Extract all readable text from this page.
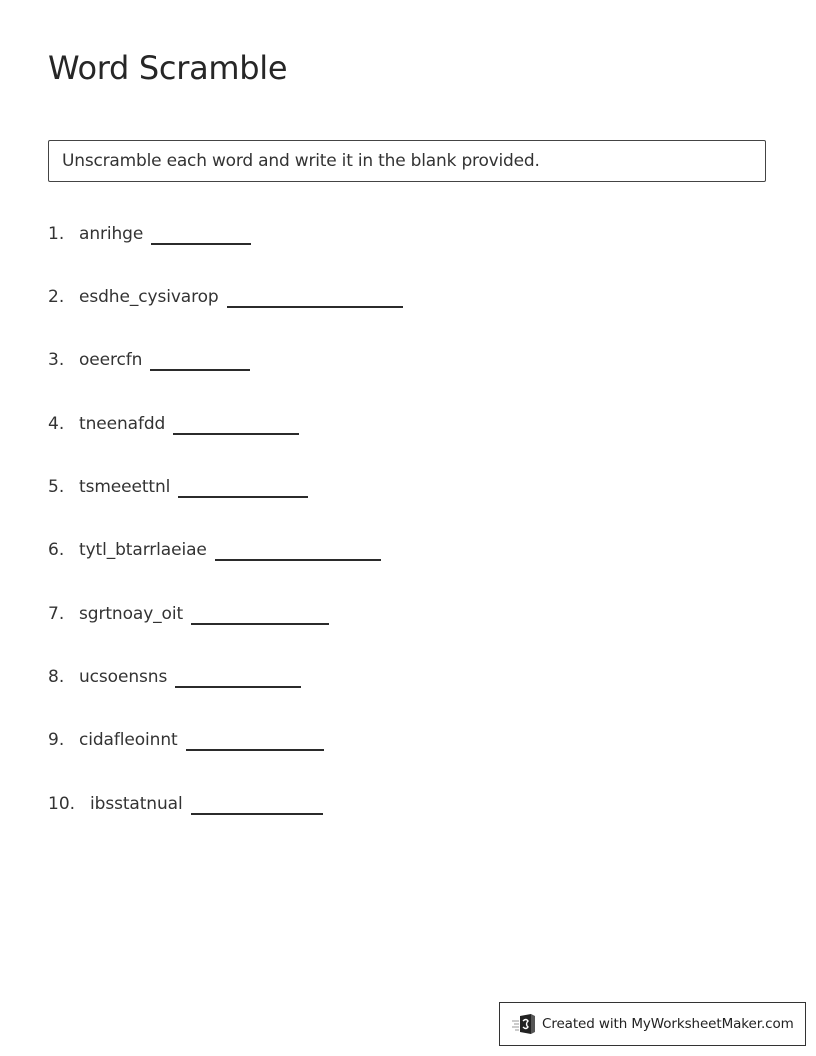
Word Scramble
Unscramble each word and write it in the blank provided.
1. anrihge
2. esdhe_cysivarop
3. oeercfn
4. tneenafdd
5. tsmeeettnl
6. tytl_btarrlaeiae
7. sgrtnoay_oit
8. ucsoensns
9. cidafleoinnt
10. ibsstatnual
Created with MyWorksheetMaker.com
